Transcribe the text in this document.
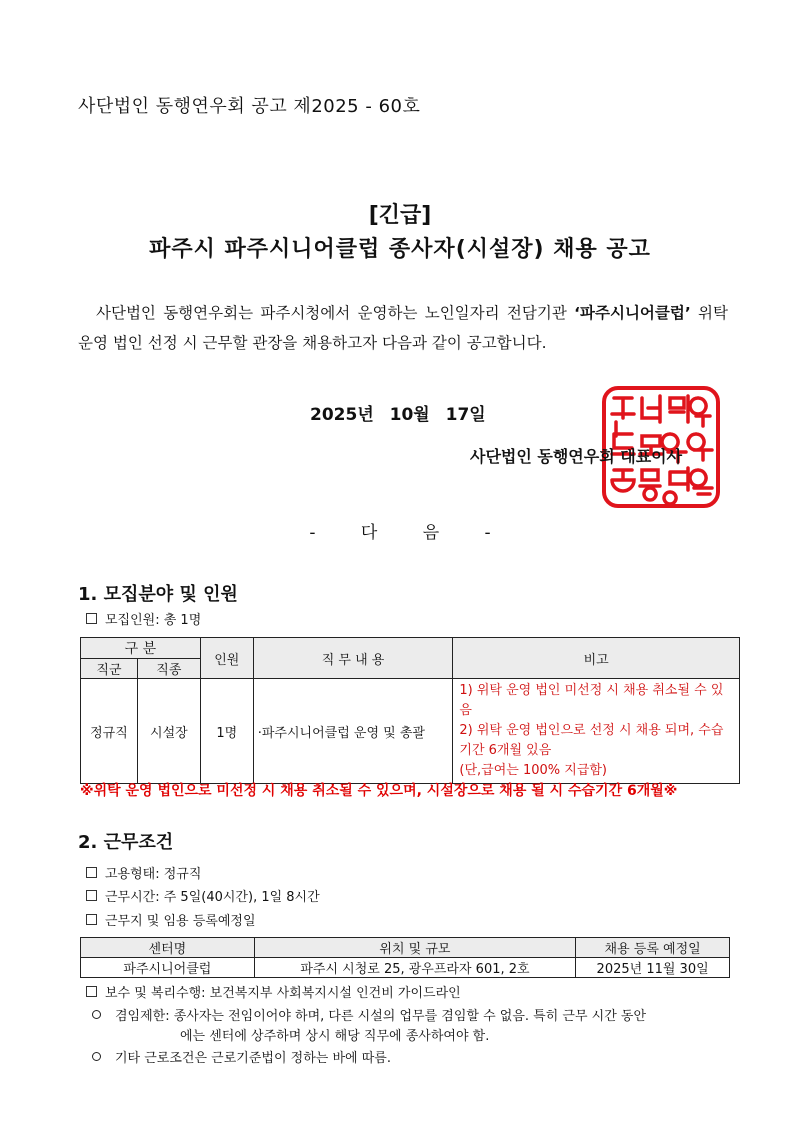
사단법인 동행연우회 공고 제2025 - 60호
[긴급]
파주시 파주시니어클럽 종사자(시설장) 채용 공고
사단법인 동행연우회는 파주시청에서 운영하는 노인일자리 전담기관 ‘파주시니어클럽’ 위탁 운영 법인 선정 시 근무할 관장을 채용하고자 다음과 같이 공고합니다.
2025년 10월 17일
사단법인 동행연우회 대표이사
- 다 음 -
1. 모집분야 및 인원
모집인원: 총 1명
구 분		인원	직 무 내 용	비고
직군	직종			
정규직	시설장	1명	·파주시니어클럽 운영 및 총괄	1) 위탁 운영 법인 미선정 시 채용 취소될 수 있음
2) 위탁 운영 법인으로 선정 시 채용 되며, 수습기간 6개월 있음
(단,급여는 100% 지급함)
※위탁 운영 법인으로 미선정 시 채용 취소될 수 있으며, 시설장으로 채용 될 시 수습기간 6개월※
2. 근무조건
고용형태: 정규직
근무시간: 주 5일(40시간), 1일 8시간
근무지 및 임용 등록예정일
센터명	위치 및 규모	채용 등록 예정일
파주시니어클럽	파주시 시청로 25, 광우프라자 601, 2호	2025년 11월 30일
보수 및 복리수행: 보건복지부 사회복지시설 인건비 가이드라인
겸임제한: 종사자는 전임이어야 하며, 다른 시설의 업무를 겸임할 수 없음. 특히 근무 시간 동안
에는 센터에 상주하며 상시 해당 직무에 종사하여야 함.
기타 근로조건은 근로기준법이 정하는 바에 따름.
